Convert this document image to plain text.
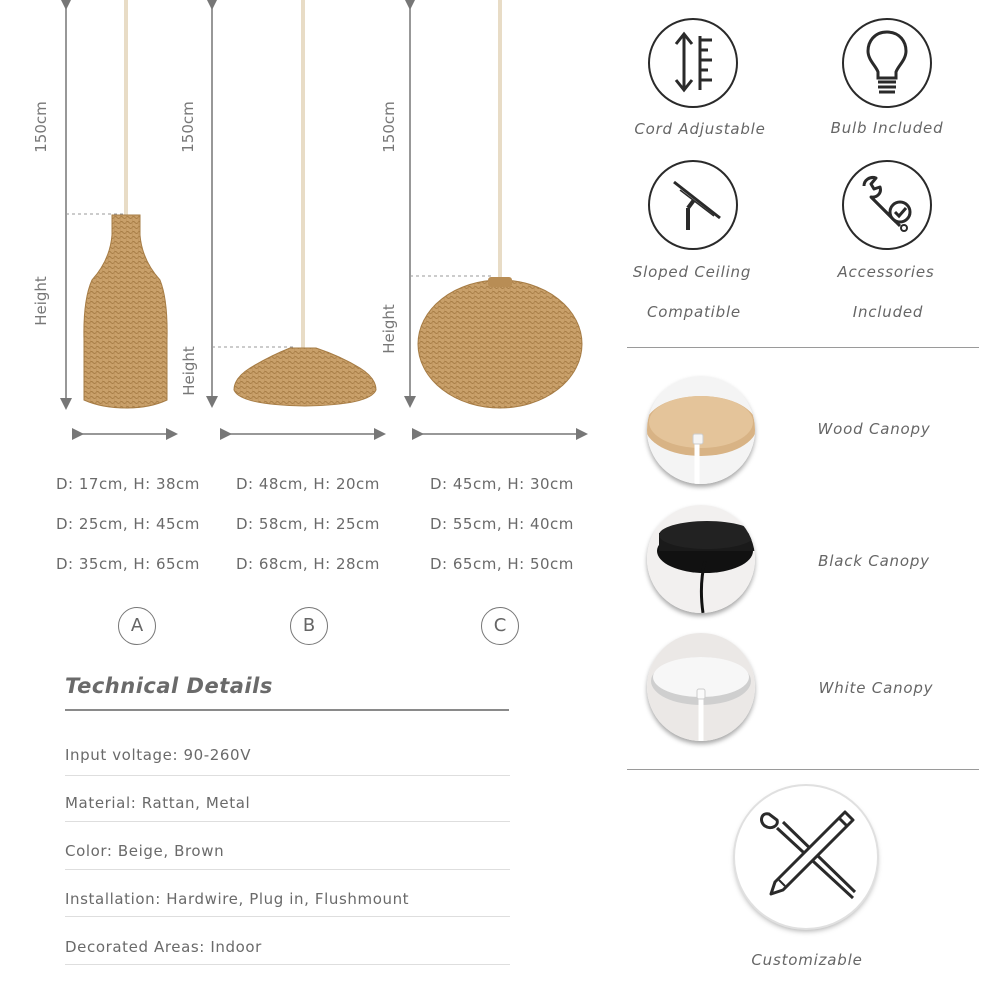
150cm
Height
150cm
Height
150cm
Height
D: 17cm, H: 38cm
D: 25cm, H: 45cm
D: 35cm, H: 65cm
D: 48cm, H: 20cm
D: 58cm, H: 25cm
D: 68cm, H: 28cm
D: 45cm, H: 30cm
D: 55cm, H: 40cm
D: 65cm, H: 50cm
A	B	C
Technical Details
Input voltage: 90-260V
Material: Rattan, Metal
Color: Beige, Brown
Installation: Hardwire, Plug in, Flushmount
Decorated Areas: Indoor
Cord Adjustable	Bulb Included
Sloped Ceiling
Compatible
Accessories
Included
Wood Canopy
Black Canopy
White Canopy
Customizable
